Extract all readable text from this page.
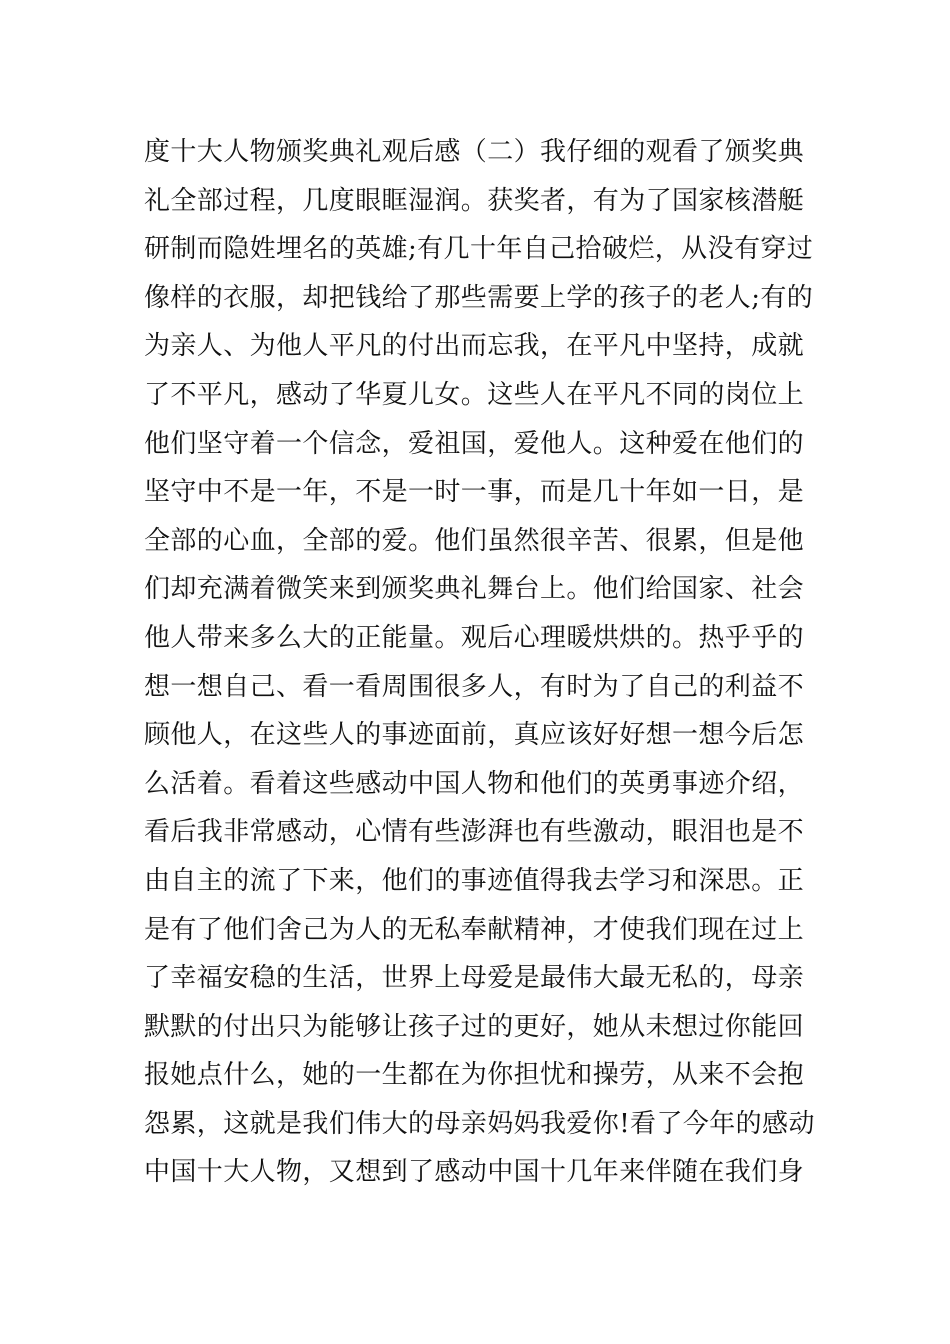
度十大人物颁奖典礼观后感（二）我仔细的观看了颁奖典
礼全部过程，几度眼眶湿润。获奖者，有为了国家核潜艇
研制而隐姓埋名的英雄;有几十年自己拾破烂，从没有穿过
像样的衣服，却把钱给了那些需要上学的孩子的老人;有的
为亲人、为他人平凡的付出而忘我，在平凡中坚持，成就
了不平凡，感动了华夏儿女。这些人在平凡不同的岗位上
他们坚守着一个信念，爱祖国，爱他人。这种爱在他们的
坚守中不是一年，不是一时一事，而是几十年如一日，是
全部的心血，全部的爱。他们虽然很辛苦、很累，但是他
们却充满着微笑来到颁奖典礼舞台上。他们给国家、社会
他人带来多么大的正能量。观后心理暖烘烘的。热乎乎的
想一想自己、看一看周围很多人，有时为了自己的利益不
顾他人，在这些人的事迹面前，真应该好好想一想今后怎
么活着。看着这些感动中国人物和他们的英勇事迹介绍，
看后我非常感动，心情有些澎湃也有些激动，眼泪也是不
由自主的流了下来，他们的事迹值得我去学习和深思。正
是有了他们舍己为人的无私奉献精神，才使我们现在过上
了幸福安稳的生活，世界上母爱是最伟大最无私的，母亲
默默的付出只为能够让孩子过的更好，她从未想过你能回
报她点什么，她的一生都在为你担忧和操劳，从来不会抱
怨累，这就是我们伟大的母亲妈妈我爱你!看了今年的感动
中国十大人物，又想到了感动中国十几年来伴随在我们身
